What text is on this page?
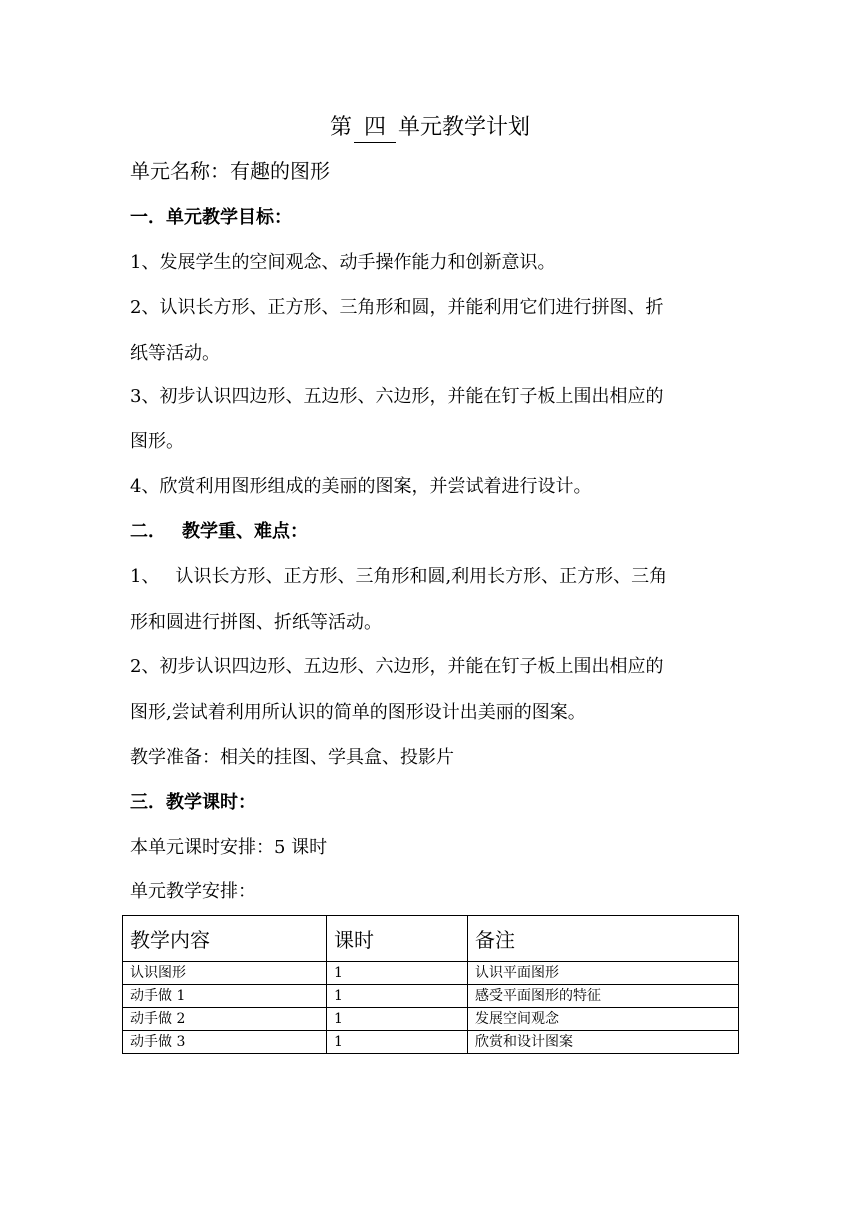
第 四 单元教学计划
单元名称：有趣的图形
一．单元教学目标：
1、发展学生的空间观念、动手操作能力和创新意识。
2、认识长方形、正方形、三角形和圆，并能利用它们进行拼图、折
纸等活动。
3、初步认识四边形、五边形、六边形，并能在钉子板上围出相应的
图形。
4、欣赏利用图形组成的美丽的图案，并尝试着进行设计。
二． 教学重、难点：
1、 认识长方形、正方形、三角形和圆,利用长方形、正方形、三角
形和圆进行拼图、折纸等活动。
2、初步认识四边形、五边形、六边形，并能在钉子板上围出相应的
图形,尝试着利用所认识的简单的图形设计出美丽的图案。
教学准备：相关的挂图、学具盒、投影片
三．教学课时：
本单元课时安排：5 课时
单元教学安排：
教学内容	课时	备注
认识图形	1	认识平面图形
动手做 1	1	感受平面图形的特征
动手做 2	1	发展空间观念
动手做 3	1	欣赏和设计图案
